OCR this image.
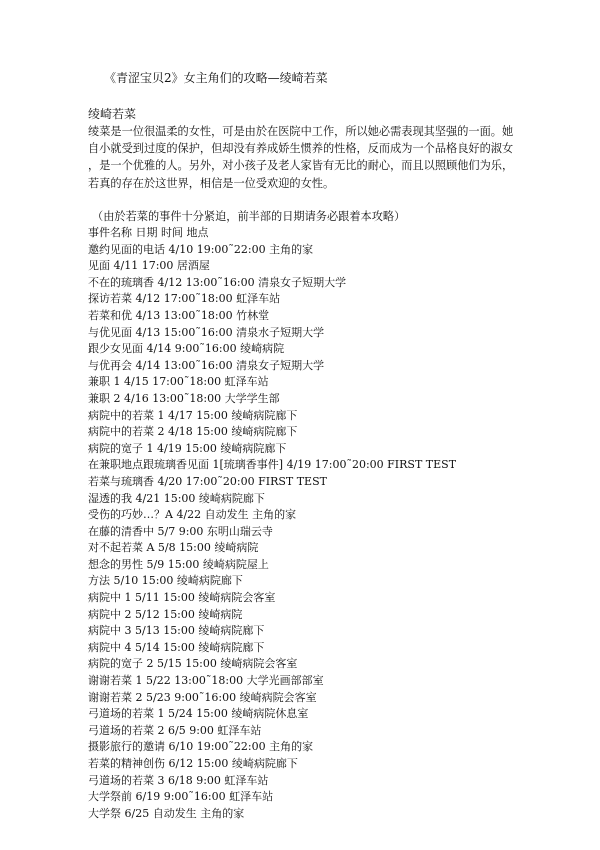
《青涩宝贝2》女主角们的攻略—绫崎若菜
绫崎若菜
绫菜是一位很温柔的女性，可是由於在医院中工作，所以她必需表现其坚强的一面。她
自小就受到过度的保护，但却没有养成娇生惯养的性格，反而成为一个品格良好的淑女
，是一个优雅的人。另外，对小孩子及老人家皆有无比的耐心，而且以照顾他们为乐，
若真的存在於这世界，相信是一位受欢迎的女性。
（由於若菜的事件十分紧迫，前半部的日期请务必跟着本攻略）
事件名称 日期 时间 地点
邀约见面的电话 4/10 19:00˜22:00 主角的家
见面 4/11 17:00 居酒屋
不在的琉璃香 4/12 13:00˜16:00 清泉女子短期大学
探访若菜 4/12 17:00˜18:00 虹泽车站
若菜和优 4/13 13:00˜18:00 竹林堂
与优见面 4/13 15:00˜16:00 清泉水子短期大学
跟少女见面 4/14 9:00˜16:00 绫崎病院
与优再会 4/14 13:00˜16:00 清泉女子短期大学
兼职 1 4/15 17:00˜18:00 虹泽车站
兼职 2 4/16 13:00˜18:00 大学学生部
病院中的若菜 1 4/17 15:00 绫崎病院廊下
病院中的若菜 2 4/18 15:00 绫崎病院廊下
病院的宽子 1 4/19 15:00 绫崎病院廊下
在兼职地点跟琉璃香见面 1[琉璃香事件] 4/19 17:00˜20:00 FIRST TEST
若菜与琉璃香 4/20 17:00˜20:00 FIRST TEST
湿透的我 4/21 15:00 绫崎病院廊下
受伤的巧妙…？A 4/22 自动发生 主角的家
在藤的清香中 5/7 9:00 东明山瑞云寺
对不起若菜 A 5/8 15:00 绫崎病院
想念的男性 5/9 15:00 绫崎病院屋上
方法 5/10 15:00 绫崎病院廊下
病院中 1 5/11 15:00 绫崎病院会客室
病院中 2 5/12 15:00 绫崎病院
病院中 3 5/13 15:00 绫崎病院廊下
病院中 4 5/14 15:00 绫崎病院廊下
病院的宽子 2 5/15 15:00 绫崎病院会客室
谢谢若菜 1 5/22 13:00˜18:00 大学光画部部室
谢谢若菜 2 5/23 9:00˜16:00 绫崎病院会客室
弓道场的若菜 1 5/24 15:00 绫崎病院休息室
弓道场的若菜 2 6/5 9:00 虹泽车站
摄影旅行的邀请 6/10 19:00˜22:00 主角的家
若菜的精神创伤 6/12 15:00 绫崎病院廊下
弓道场的若菜 3 6/18 9:00 虹泽车站
大学祭前 6/19 9:00˜16:00 虹泽车站
大学祭 6/25 自动发生 主角的家
